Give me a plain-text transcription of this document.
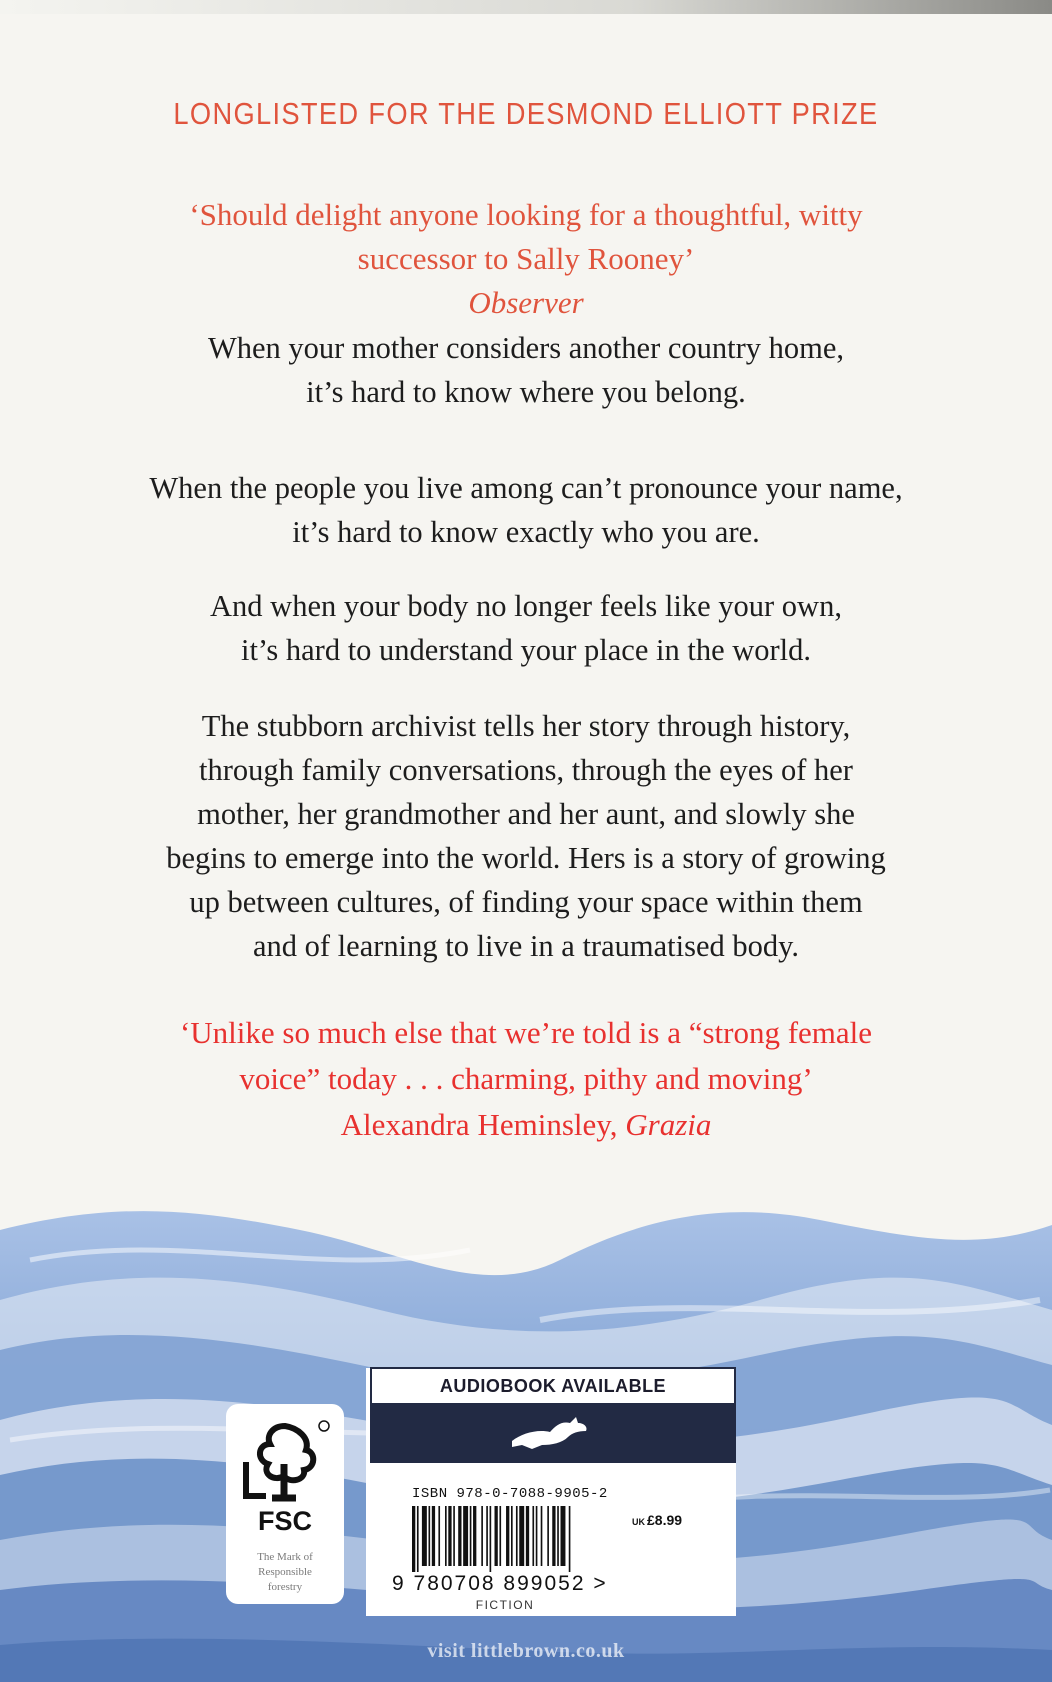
LONGLISTED FOR THE DESMOND ELLIOTT PRIZE
‘Should delight anyone looking for a thoughtful, witty
successor to Sally Rooney’
Observer
When your mother considers another country home,
it’s hard to know where you belong.
When the people you live among can’t pronounce your name,
it’s hard to know exactly who you are.
And when your body no longer feels like your own,
it’s hard to understand your place in the world.
The stubborn archivist tells her story through history,
through family conversations, through the eyes of her
mother, her grandmother and her aunt, and slowly she
begins to emerge into the world. Hers is a story of growing
up between cultures, of finding your space within them
and of learning to live in a traumatised body.
‘Unlike so much else that we’re told is a “strong female
voice” today . . . charming, pithy and moving’
Alexandra Heminsley, Grazia
FSC
The Mark of
Responsible
forestry
AUDIOBOOK AVAILABLE
ISBN 978-0-7088-9905-2
UK £8.99
9 780708 899052 >
FICTION
visit littlebrown.co.uk
